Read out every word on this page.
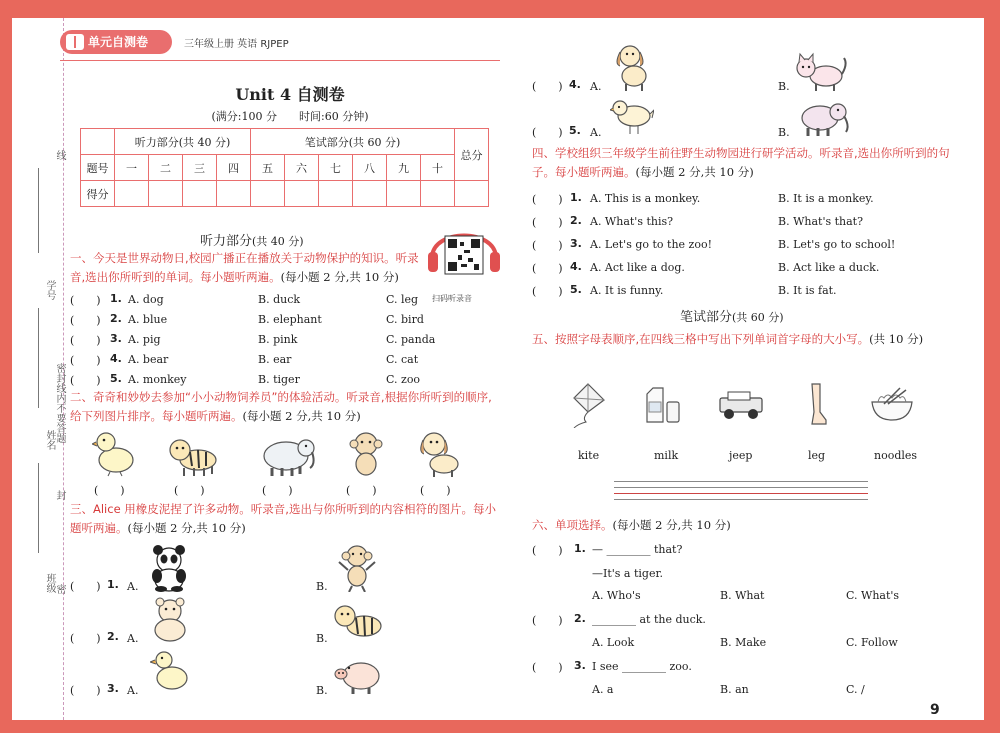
学号
姓名
班级
线
密封线内不要答题
封
密
单元自测卷	三年级上册 英语 RJPEP
Unit 4 自测卷
(满分:100 分　　时间:60 分钟)
	听力部分(共 40 分)				笔试部分(共 60 分)						总分
题号	一	二	三	四	五	六	七	八	九	十	
得分											
听力部分(共 40 分)
扫码听录音
一、今天是世界动物日,校园广播正在播放关于动物保护的知识。听录音,选出你所听到的单词。每小题听两遍。(每小题 2 分,共 10 分)
二、奇奇和妙妙去参加“小小动物饲养员”的体验活动。听录音,根据你所听到的顺序,给下列图片排序。每小题听两遍。(每小题 2 分,共 10 分)
三、Alice 用橡皮泥捏了许多动物。听录音,选出与你所听到的内容相符的图片。每小题听两遍。(每小题 2 分,共 10 分)
(　　) 1. A.	B.
(　　) 2. A.	B.
(　　) 3. A.	B.
(　　) 4. A.	B.
(　　) 5. A.	B.
四、学校组织三年级学生前往野生动物园进行研学活动。听录音,选出你所听到的句子。每小题听两遍。(每小题 2 分,共 10 分)
笔试部分(共 60 分)
五、按照字母表顺序,在四线三格中写出下列单词首字母的大小写。(共 10 分)
六、单项选择。(每小题 2 分,共 10 分)
(　　) 1. — ________ that?
—It's a tiger.
A. Who's	B. What	C. What's
(　　) 2. ________ at the duck.
A. Look	B. Make	C. Follow
(　　) 3. I see ________ zoo.
A. a	B. an	C. /
9
(　　) 1. A. dog	B. duck	C. leg
(　　) 2. A. blue	B. elephant	C. bird
(　　) 3. A. pig	B. pink	C. panda
(　　) 4. A. bear	B. ear	C. cat
(　　) 5. A. monkey	B. tiger	C. zoo
(　　)	(　　)	(　　)	(　　)	(　　)
(　　) 1. A. This is a monkey.	B. It is a monkey.
(　　) 2. A. What's this?	B. What's that?
(　　) 3. A. Let's go to the zoo!	B. Let's go to school!
(　　) 4. A. Act like a dog.	B. Act like a duck.
(　　) 5. A. It is funny.	B. It is fat.
kite	milk	jeep	leg	noodles
